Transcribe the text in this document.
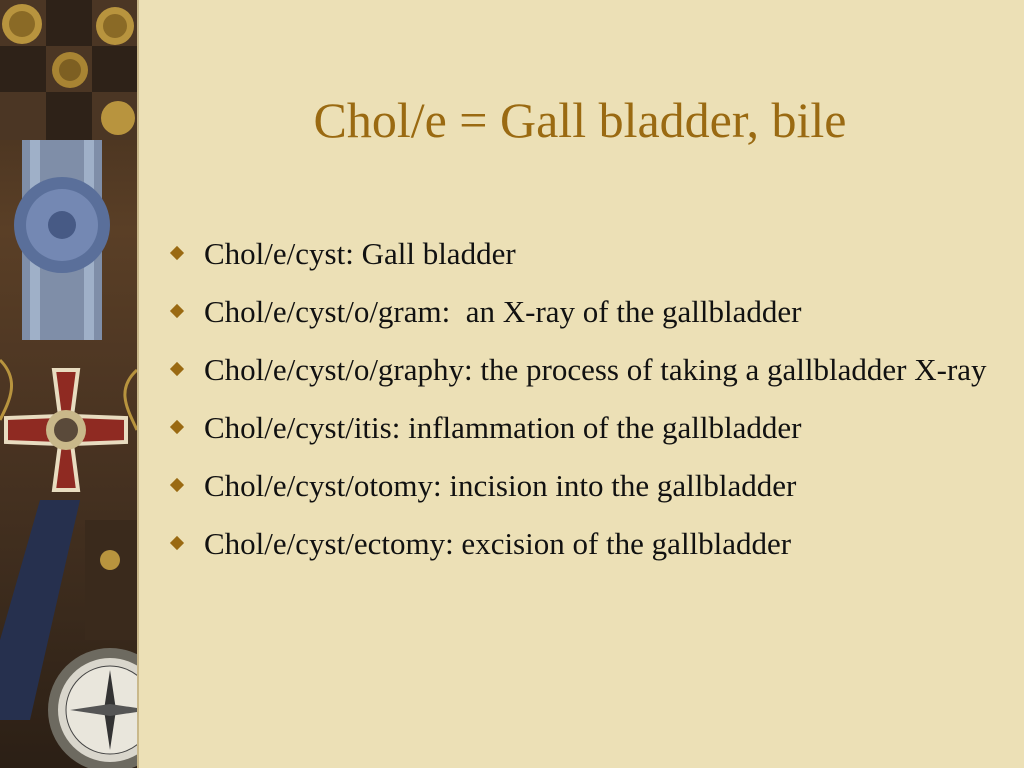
Chol/e = Gall bladder, bile
Chol/e/cyst: Gall bladder
Chol/e/cyst/o/gram:  an X-ray of the gallbladder
Chol/e/cyst/o/graphy: the process of taking a gallbladder X-ray
Chol/e/cyst/itis: inflammation of the gallbladder
Chol/e/cyst/otomy: incision into the gallbladder
Chol/e/cyst/ectomy: excision of the gallbladder
